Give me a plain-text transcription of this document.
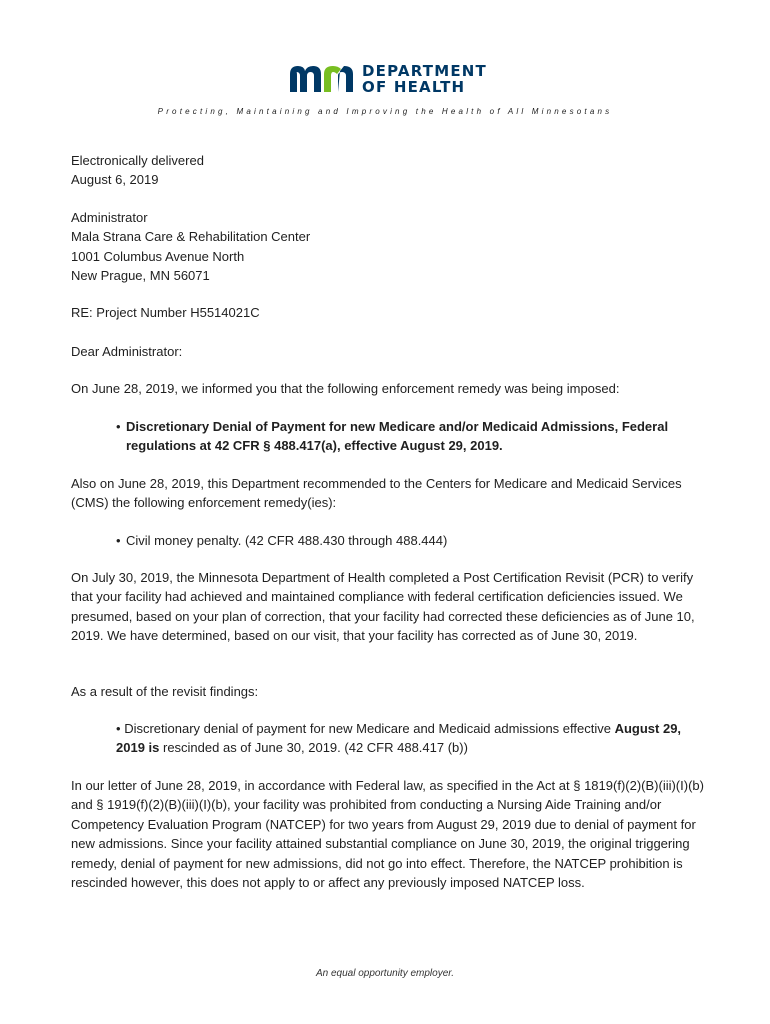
DEPARTMENT
OF HEALTH
Protecting, Maintaining and Improving the Health of All Minnesotans

Electronically delivered

August 6, 2019

Administrator

Mala Strana Care & Rehabilitation Center

1001 Columbus Avenue North

New Prague, MN 56071

RE: Project Number H5514021C

Dear Administrator:

On June 28, 2019, we informed you that the following enforcement remedy was being imposed:

• Discretionary Denial of Payment for new Medicare and/or Medicaid Admissions, Federal regulations at 42 CFR § 488.417(a), effective August 29, 2019.

Also on June 28, 2019, this Department recommended to the Centers for Medicare and Medicaid Services (CMS) the following enforcement remedy(ies):

• Civil money penalty. (42 CFR 488.430 through 488.444)

On July 30, 2019, the Minnesota Department of Health completed a Post Certification Revisit (PCR) to verify that your facility had achieved and maintained compliance with federal certification deficiencies issued. We presumed, based on your plan of correction, that your facility had corrected these deficiencies as of June 10, 2019. We have determined, based on our visit, that your facility has corrected as of June 30, 2019.

As a result of the revisit findings:

• Discretionary denial of payment for new Medicare and Medicaid admissions effective August 29, 2019 is rescinded as of June 30, 2019. (42 CFR 488.417 (b))

In our letter of June 28, 2019, in accordance with Federal law, as specified in the Act at § 1819(f)(2)(B)(iii)(I)(b) and § 1919(f)(2)(B)(iii)(I)(b), your facility was prohibited from conducting a Nursing Aide Training and/or Competency Evaluation Program (NATCEP) for two years from August 29, 2019 due to denial of payment for new admissions. Since your facility attained substantial compliance on June 30, 2019, the original triggering remedy, denial of payment for new admissions, did not go into effect. Therefore, the NATCEP prohibition is rescinded however, this does not apply to or affect any previously imposed NATCEP loss.

An equal opportunity employer.
